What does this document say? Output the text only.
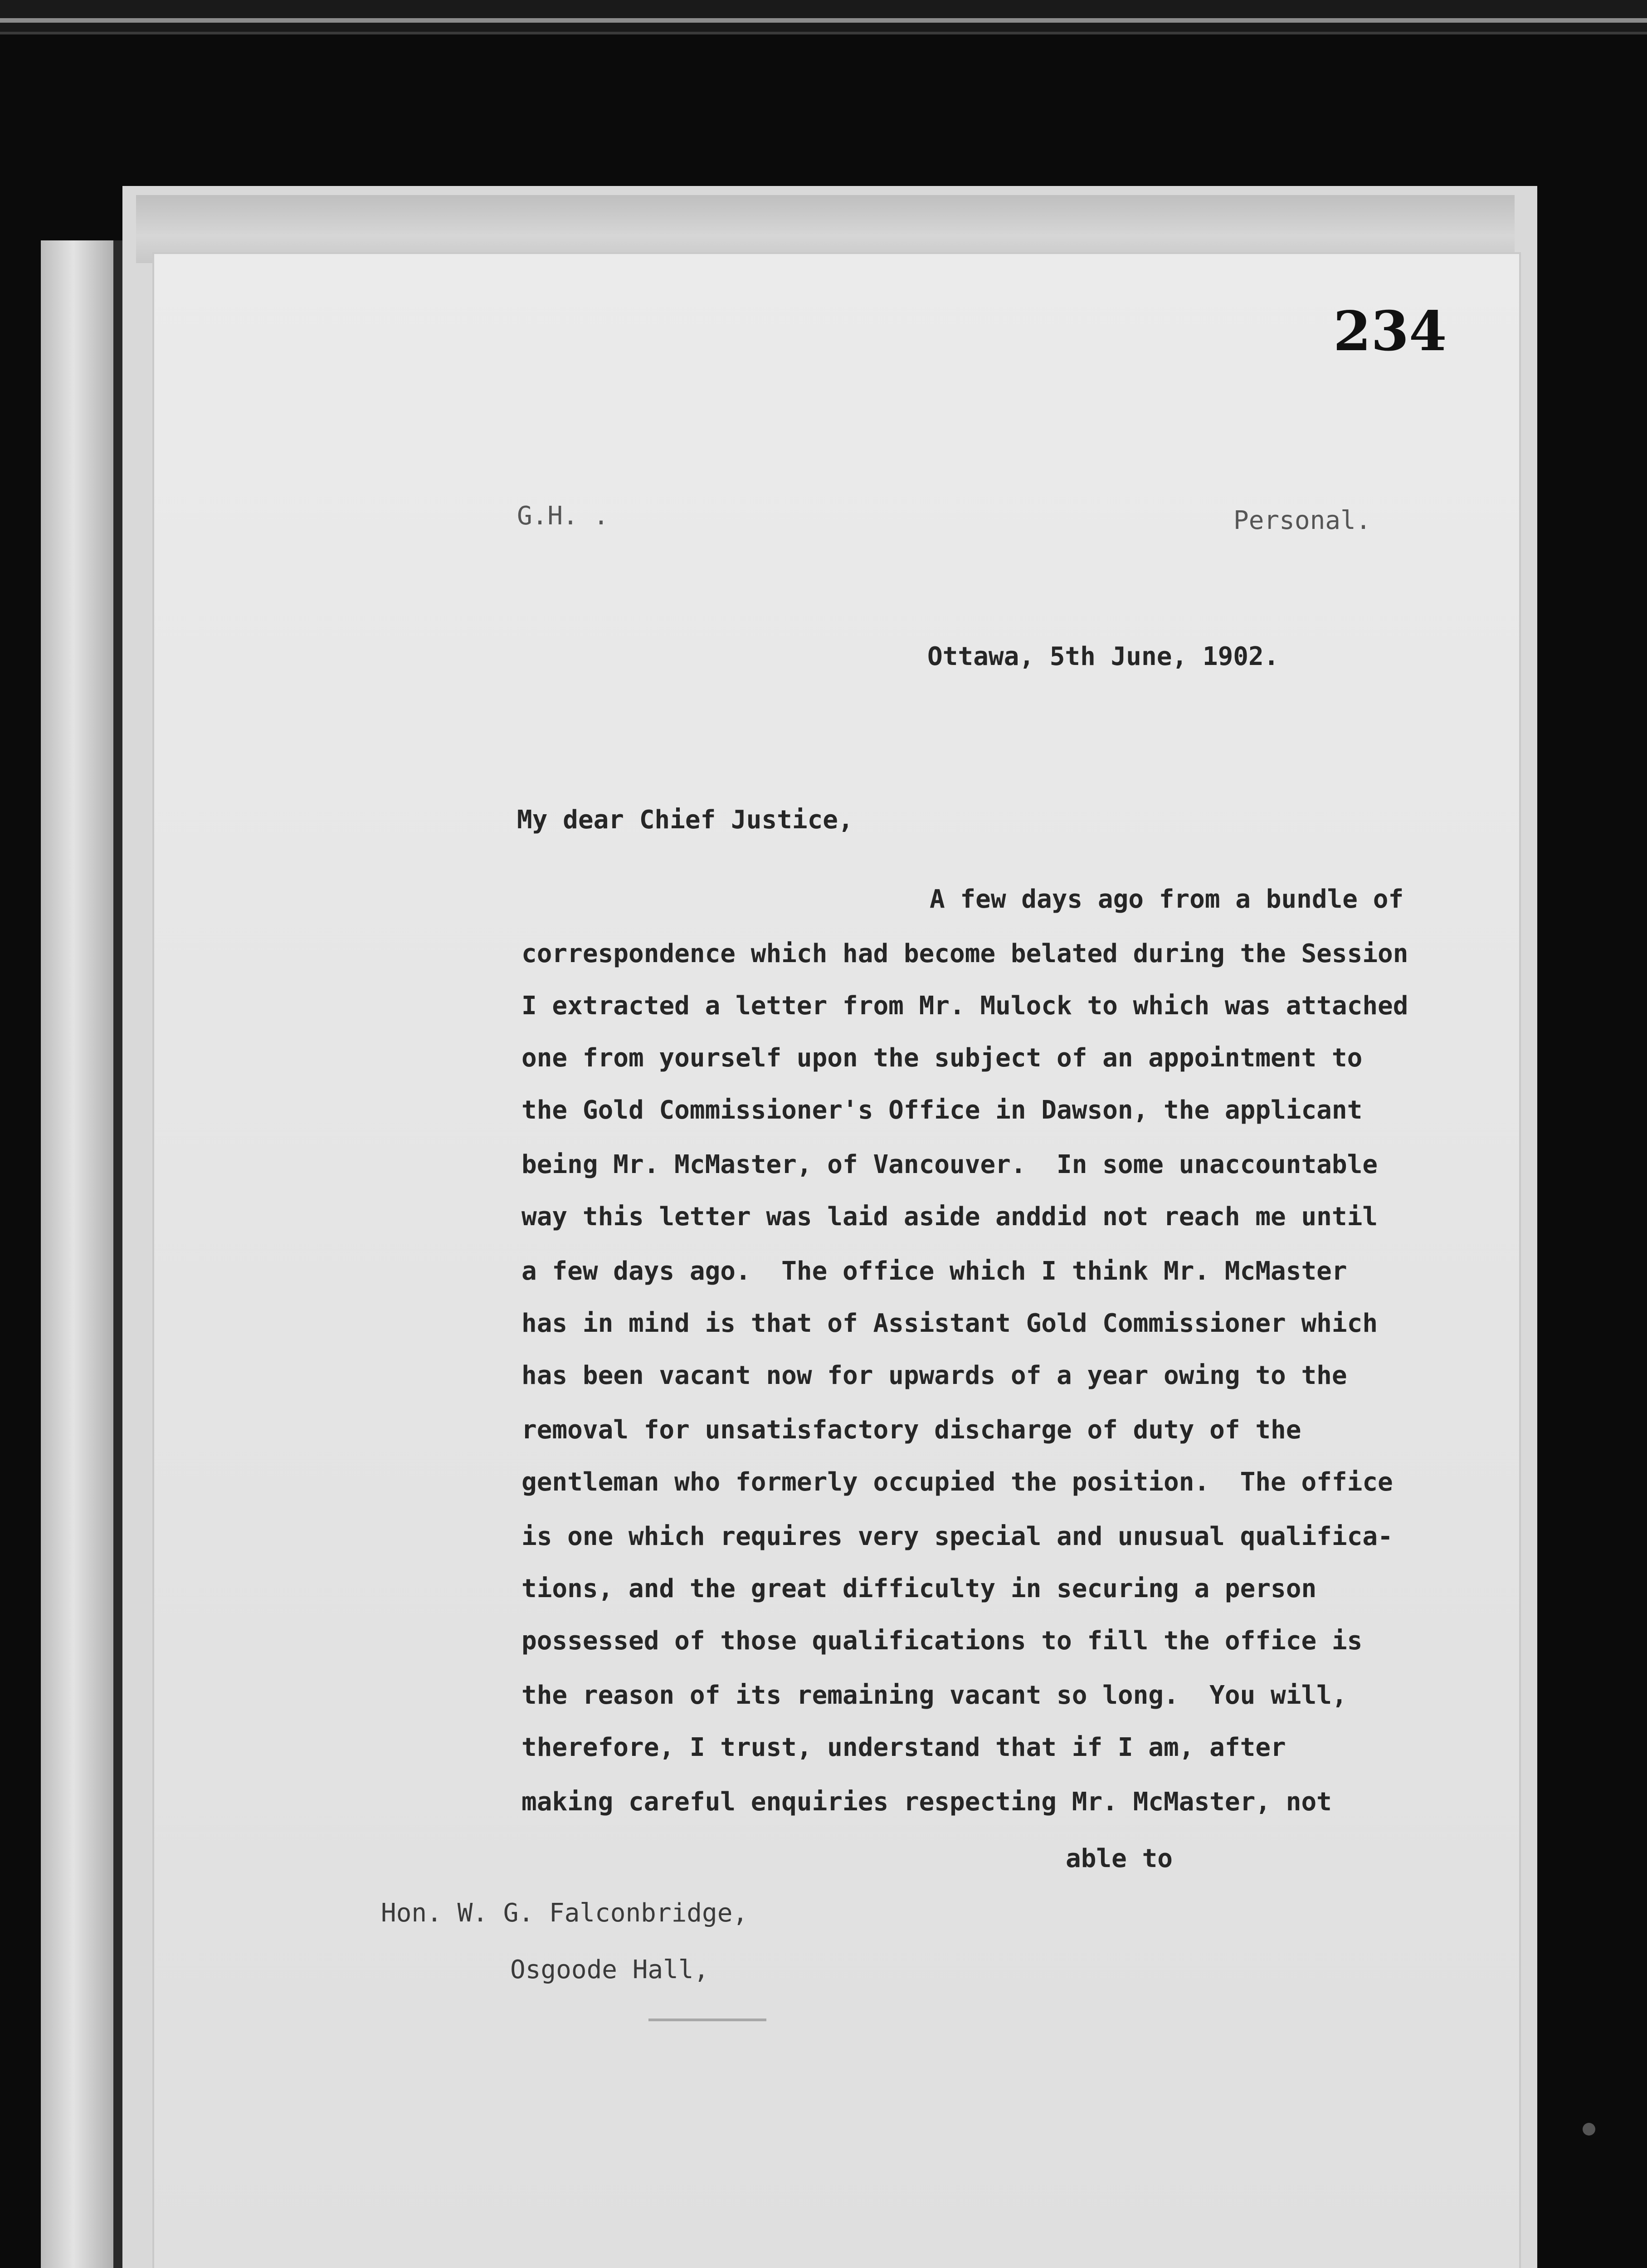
234
G.H. .	Personal.
Ottawa, 5th June, 1902.
My dear Chief Justice,
A few days ago from a bundle of
correspondence which had become belated during the Session
I extracted a letter from Mr. Mulock to which was attached
one from yourself upon the subject of an appointment to
the Gold Commissioner's Office in Dawson, the applicant
being Mr. McMaster, of Vancouver.  In some unaccountable
way this letter was laid aside anddid not reach me until
a few days ago.  The office which I think Mr. McMaster
has in mind is that of Assistant Gold Commissioner which
has been vacant now for upwards of a year owing to the
removal for unsatisfactory discharge of duty of the
gentleman who formerly occupied the position.  The office
is one which requires very special and unusual qualifica-
tions, and the great difficulty in securing a person
possessed of those qualifications to fill the office is
the reason of its remaining vacant so long.  You will,
therefore, I trust, understand that if I am, after
making careful enquiries respecting Mr. McMaster, not
able to
Hon. W. G. Falconbridge,
Osgoode Hall,
